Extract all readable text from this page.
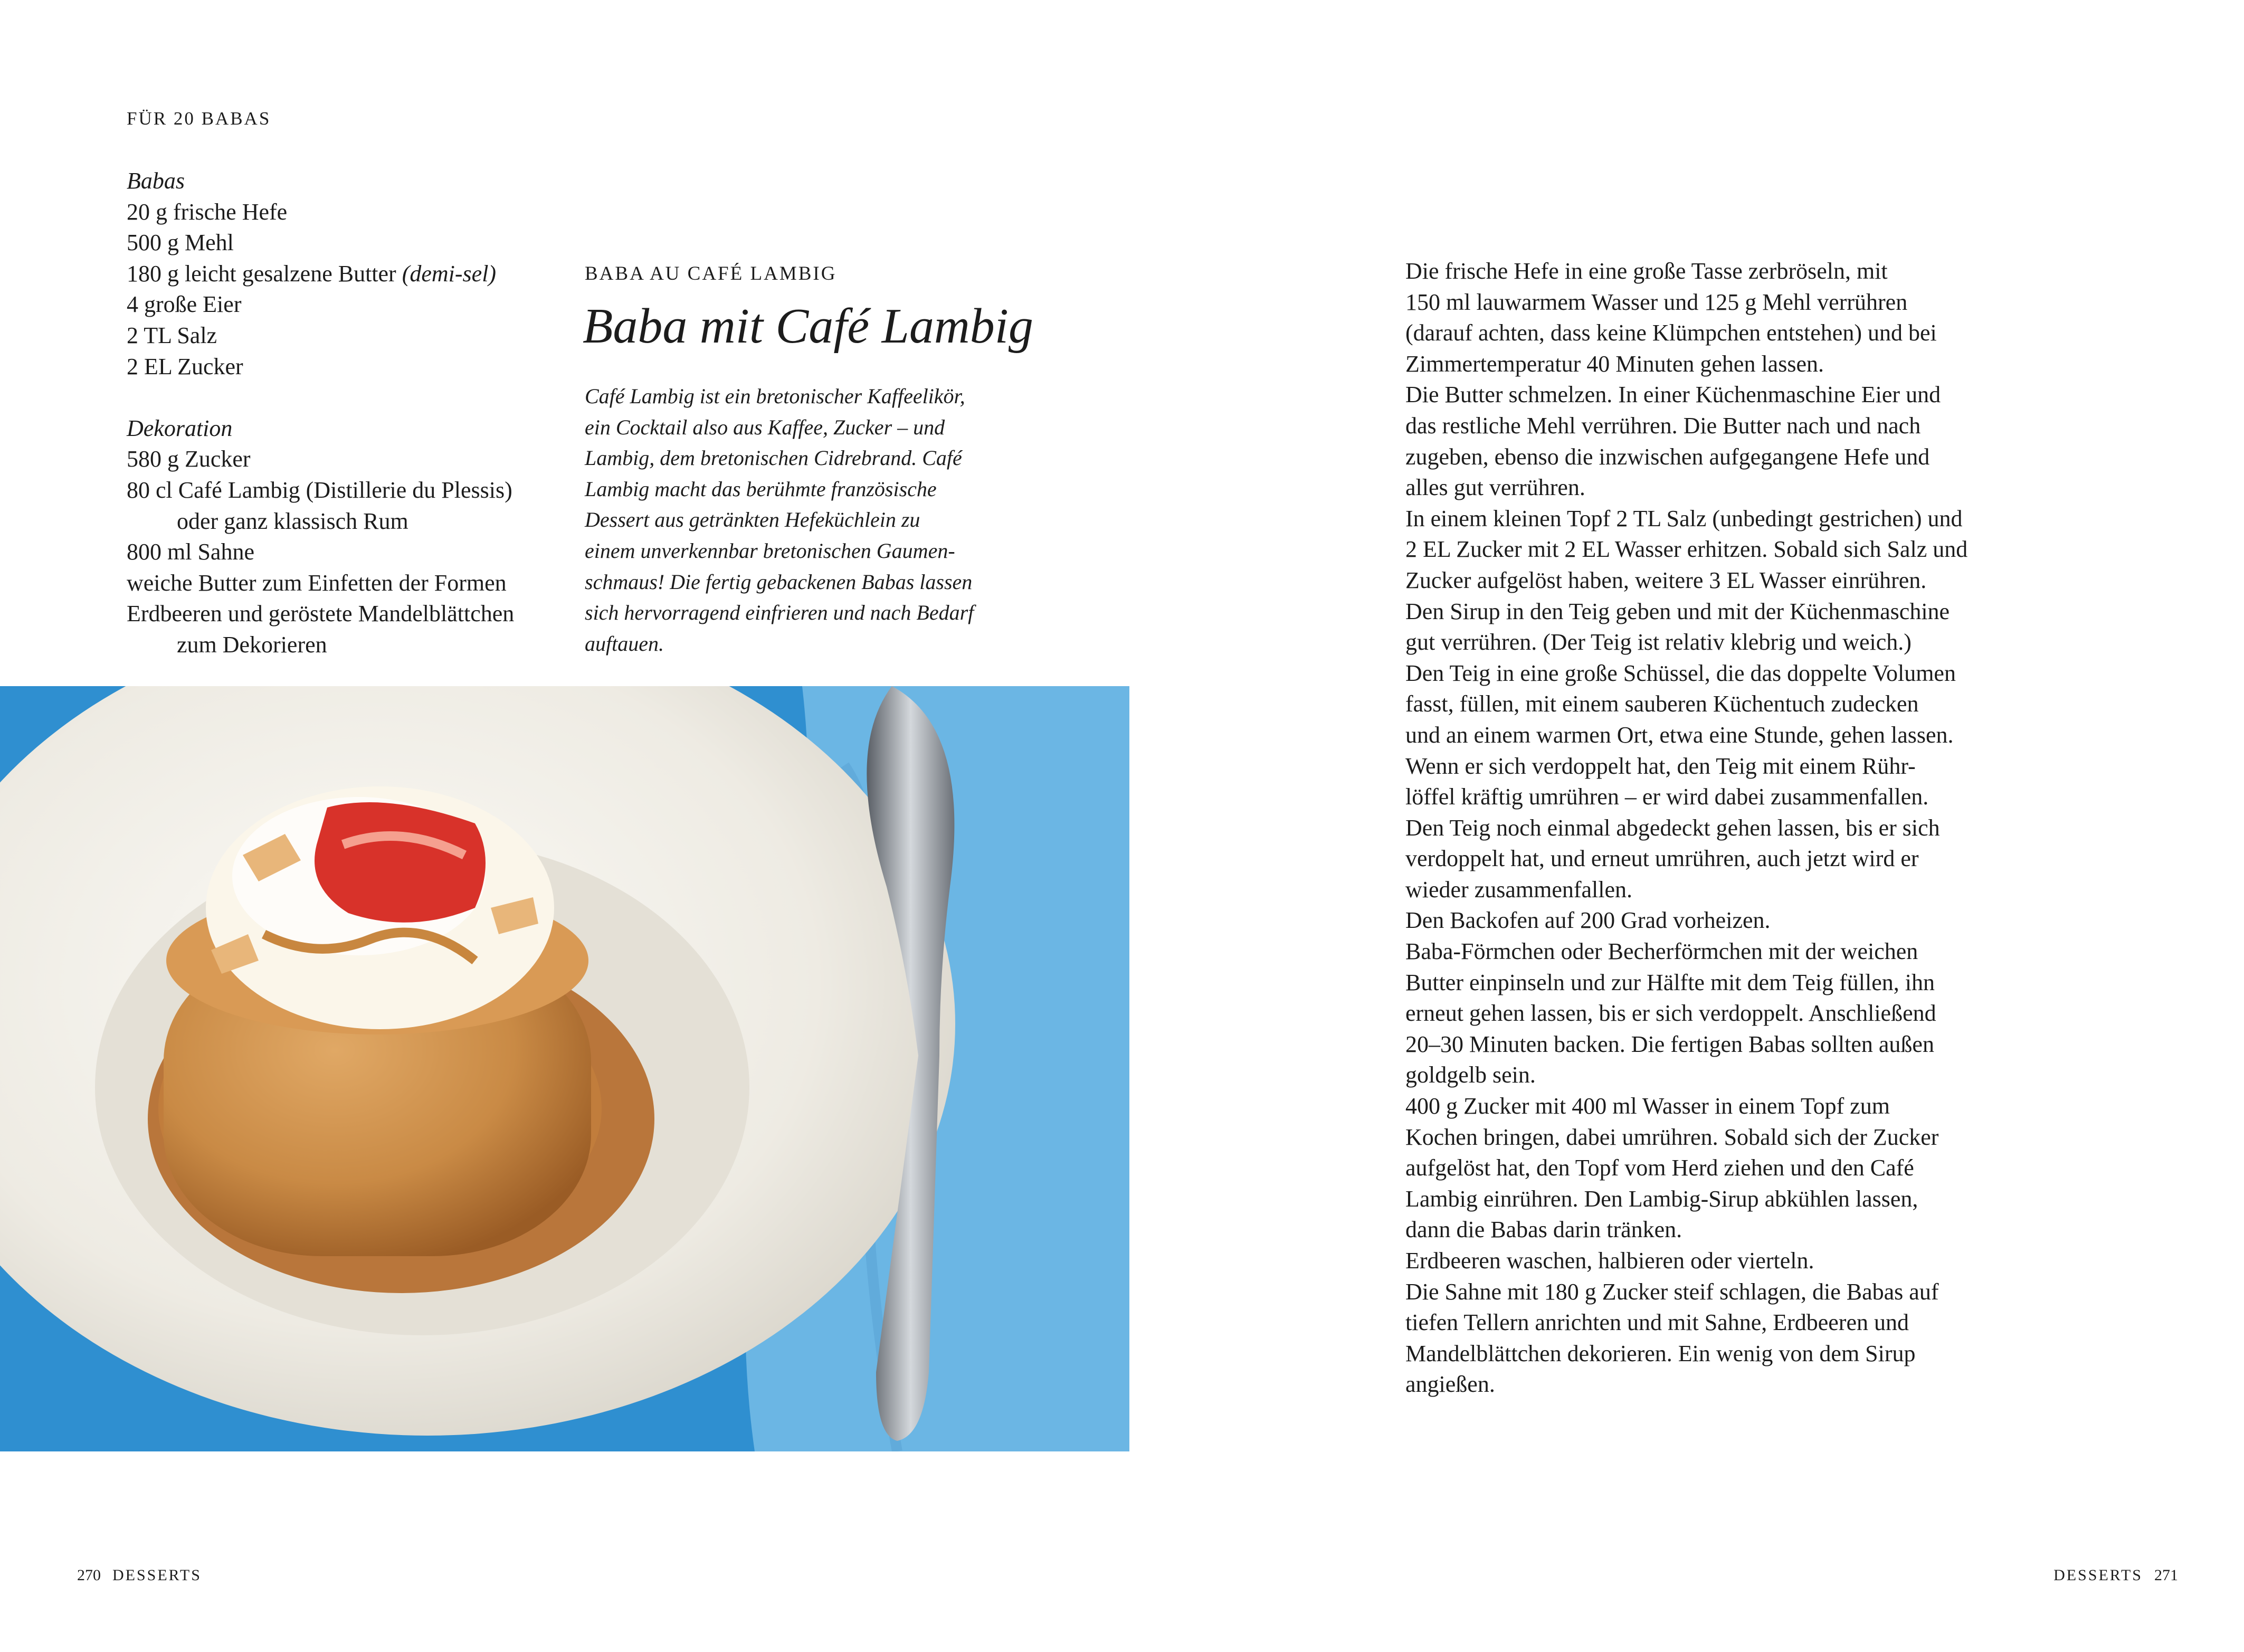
FÜR 20 BABAS
Babas
20 g frische Hefe
500 g Mehl
180 g leicht gesalzene Butter (demi-sel)
4 große Eier
2 TL Salz
2 EL Zucker
Dekoration
580 g Zucker
80 cl Café Lambig (Distillerie du Plessis)
oder ganz klassisch Rum
800 ml Sahne
weiche Butter zum Einfetten der Formen
Erdbeeren und geröstete Mandelblättchen
zum Dekorieren
BABA AU CAFÉ LAMBIG
Baba mit Café Lambig
Café Lambig ist ein bretonischer Kaffeelikör,
ein Cocktail also aus Kaffee, Zucker – und
Lambig, dem bretonischen Cidrebrand. Café
Lambig macht das berühmte französische
Dessert aus getränkten Hefeküchlein zu
einem unverkennbar bretonischen Gaumen-
schmaus! Die fertig gebackenen Babas lassen
sich hervorragend einfrieren und nach Bedarf
auftauen.
Die frische Hefe in eine große Tasse zerbröseln, mit
150 ml lauwarmem Wasser und 125 g Mehl verrühren
(darauf achten, dass keine Klümpchen entstehen) und bei
Zimmertemperatur 40 Minuten gehen lassen.
Die Butter schmelzen. In einer Küchenmaschine Eier und
das restliche Mehl verrühren. Die Butter nach und nach
zugeben, ebenso die inzwischen aufgegangene Hefe und
alles gut verrühren.
In einem kleinen Topf 2 TL Salz (unbedingt gestrichen) und
2 EL Zucker mit 2 EL Wasser erhitzen. Sobald sich Salz und
Zucker aufgelöst haben, weitere 3 EL Wasser einrühren.
Den Sirup in den Teig geben und mit der Küchenmaschine
gut verrühren. (Der Teig ist relativ klebrig und weich.)
Den Teig in eine große Schüssel, die das doppelte Volumen
fasst, füllen, mit einem sauberen Küchentuch zudecken
und an einem warmen Ort, etwa eine Stunde, gehen lassen.
Wenn er sich verdoppelt hat, den Teig mit einem Rühr-
löffel kräftig umrühren – er wird dabei zusammenfallen.
Den Teig noch einmal abgedeckt gehen lassen, bis er sich
verdoppelt hat, und erneut umrühren, auch jetzt wird er
wieder zusammenfallen.
Den Backofen auf 200 Grad vorheizen.
Baba-Förmchen oder Becherförmchen mit der weichen
Butter einpinseln und zur Hälfte mit dem Teig füllen, ihn
erneut gehen lassen, bis er sich verdoppelt. Anschließend
20–30 Minuten backen. Die fertigen Babas sollten außen
goldgelb sein.
400 g Zucker mit 400 ml Wasser in einem Topf zum
Kochen bringen, dabei umrühren. Sobald sich der Zucker
aufgelöst hat, den Topf vom Herd ziehen und den Café
Lambig einrühren. Den Lambig-Sirup abkühlen lassen,
dann die Babas darin tränken.
Erdbeeren waschen, halbieren oder vierteln.
Die Sahne mit 180 g Zucker steif schlagen, die Babas auf
tiefen Tellern anrichten und mit Sahne, Erdbeeren und
Mandelblättchen dekorieren. Ein wenig von dem Sirup
angießen.
270 DESSERTS	DESSERTS 271
